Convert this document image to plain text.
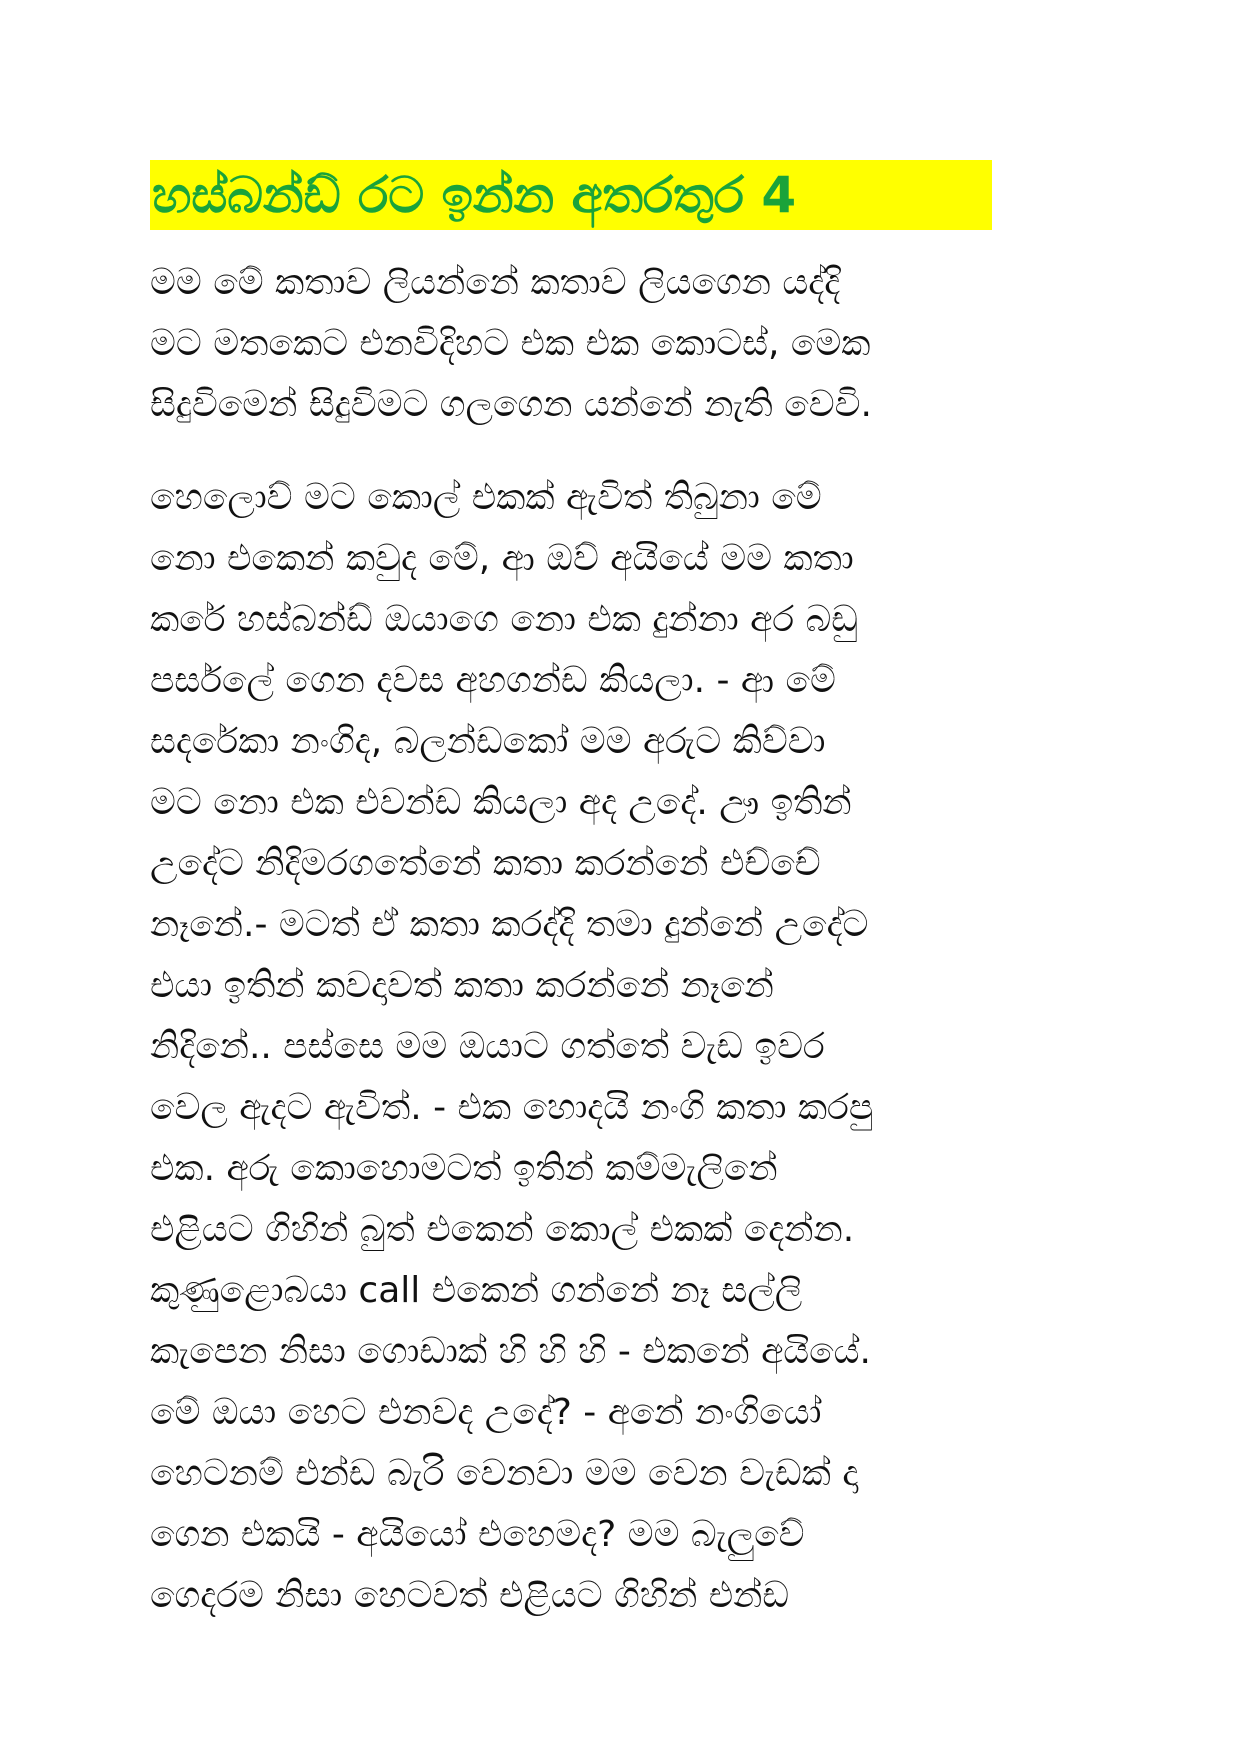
හස්බන්ඩ් රට ඉන්න අතරතුර 4

මම මේ කතාව ලියන්නේ කතාව ලියගෙන යද්දි
මට මතකෙට එනවිදිහට එක එක කොටස්, මෙක
සිදුවිමෙන් සිදුවිමට ගලගෙන යන්නේ නැති වෙවි.

හෙලොව් මට කොල් එකක් ඇවිත් තිබුනා මේ
නො එකෙන් කවුද මේ, ආ ඔව් අයියේ මම කතා
කරේ හස්බන්ඩ් ඔයාගෙ නො එක දුන්නා අර බඩු
පර්සලේ ගෙන දවස අහගන්ඩ කියලා. - ආ මේ
සදරේකා නංගිද, බලන්ඩකෝ මම අරුට කිව්වා
මට නො එක එවන්ඩ කියලා අද උදේ. ඌ ඉතින්
උදේට නිදිමරගතේනේ කතා කරන්නේ එච්චේ
නෑනේ.- මටත් ඒ කතා කරද්දි තමා දුන්නේ උදේට
එයා ඉතින් කවදාවත් කතා කරන්නේ නෑනේ
නිදිනේ.. පස්සෙ මම ඔයාට ගත්තේ වැඩ ඉවර
වෙල ඇදට ඇවිත්. - එක හොදයි නංගි කතා කරපු
එක. අරු කොහොමටත් ඉතින් කම්මැලිනේ
එළියට ගිහින් බුත් එකෙන් කොල් එකක් දෙන්න.
කුණුළොබයා call එකෙන් ගන්නේ නෑ සල්ලි
කැපෙන නිසා ගොඩාක් හි හි හි - එකනේ අයියේ.
මේ ඔයා හෙට එනවද උදේ? - අනේ නංගියෝ
හෙටනම් එන්ඩ බැරි වෙනවා මම වෙන වැඩක් දා
ගෙන එකයි - අයියෝ එහෙමද? මම බැලුවේ
ගෙදරම නිසා හෙටවත් එළියට ගිහින් එන්ඩ
